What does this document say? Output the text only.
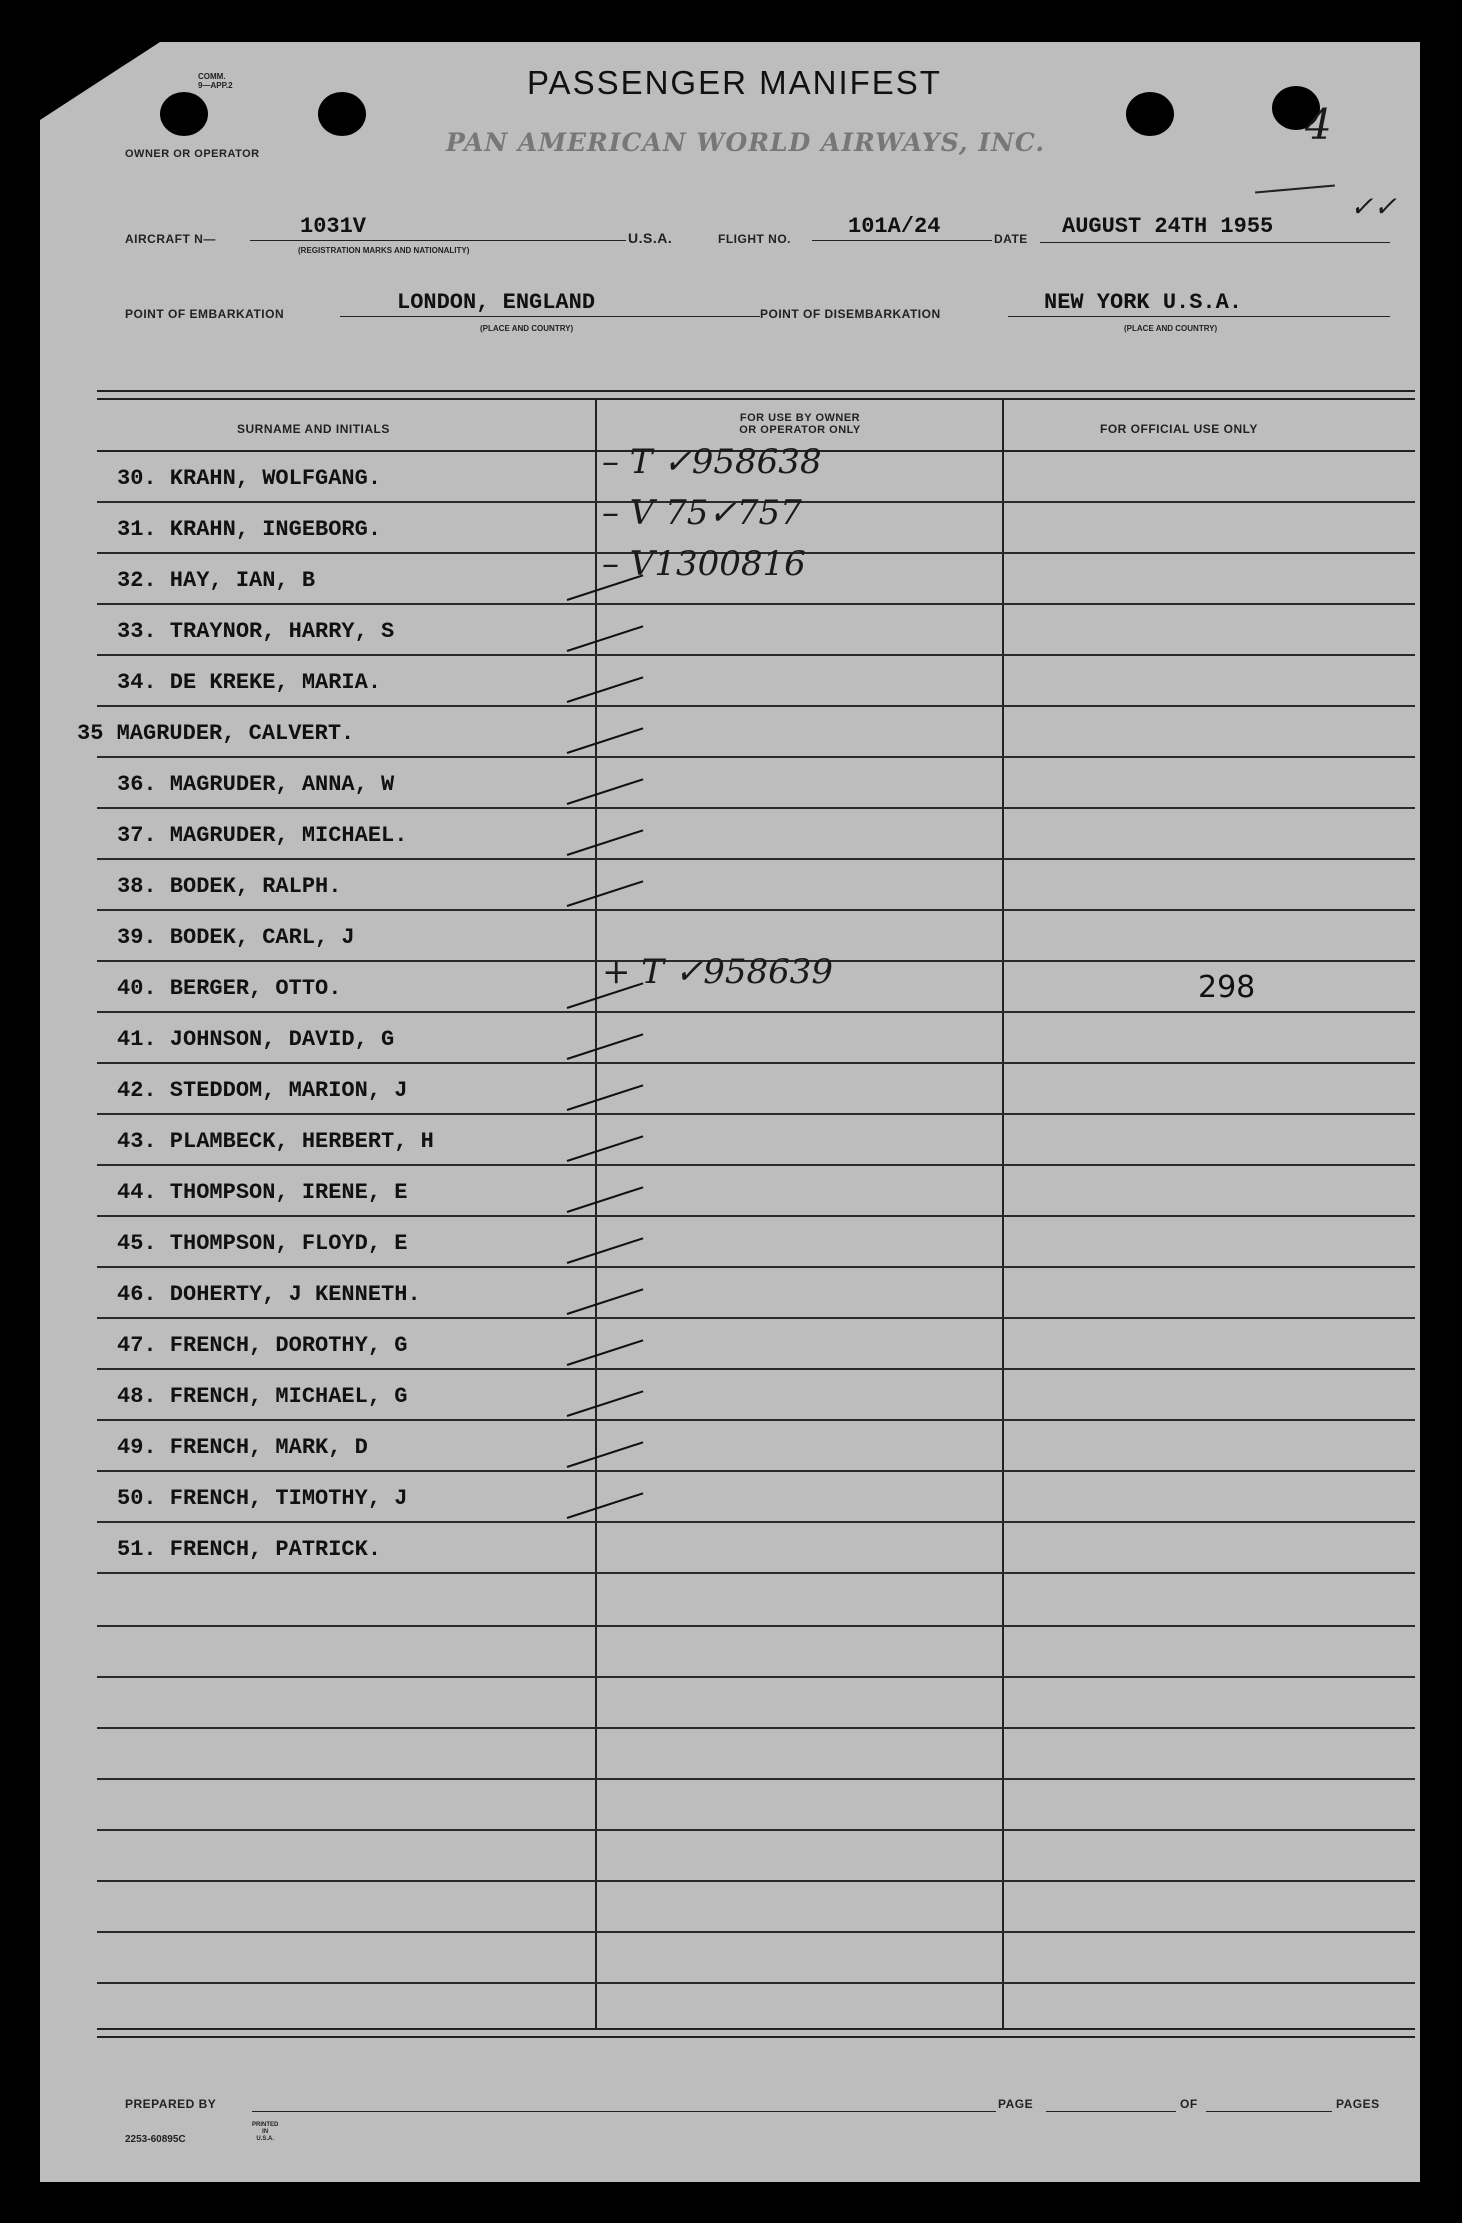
COMM.
9—APP.2	PASSENGER MANIFEST
OWNER OR OPERATOR	PAN AMERICAN WORLD AIRWAYS, INC.	4
AIRCRAFT N—	1031V
(REGISTRATION MARKS AND NATIONALITY)
U.S.A.	FLIGHT NO.	101A/24	DATE AUGUST 24TH 1955
✓✓
POINT OF EMBARKATION	LONDON, ENGLAND
(PLACE AND COUNTRY)
POINT OF DISEMBARKATION	NEW YORK U.S.A.
(PLACE AND COUNTRY)
SURNAME AND INITIALS
FOR USE BY OWNER
OR OPERATOR ONLY	FOR OFFICIAL USE ONLY
30. KRAHN, WOLFGANG.	– T ✓958638
31. KRAHN, INGEBORG.	– V 75✓757
32. HAY, IAN, B	– V1300816
33. TRAYNOR, HARRY, S
34. DE KREKE, MARIA.
35 MAGRUDER, CALVERT.
36. MAGRUDER, ANNA, W
37. MAGRUDER, MICHAEL.
38. BODEK, RALPH.
39. BODEK, CARL, J
40. BERGER, OTTO.	+ T ✓958639	298
41. JOHNSON, DAVID, G
42. STEDDOM, MARION, J
43. PLAMBECK, HERBERT, H
44. THOMPSON, IRENE, E
45. THOMPSON, FLOYD, E
46. DOHERTY, J KENNETH.
47. FRENCH, DOROTHY, G
48. FRENCH, MICHAEL, G
49. FRENCH, MARK, D
50. FRENCH, TIMOTHY, J
51. FRENCH, PATRICK.
PREPARED BY	PAGE	OF	PAGES
2253-60895C
PRINTED
IN
U.S.A.
